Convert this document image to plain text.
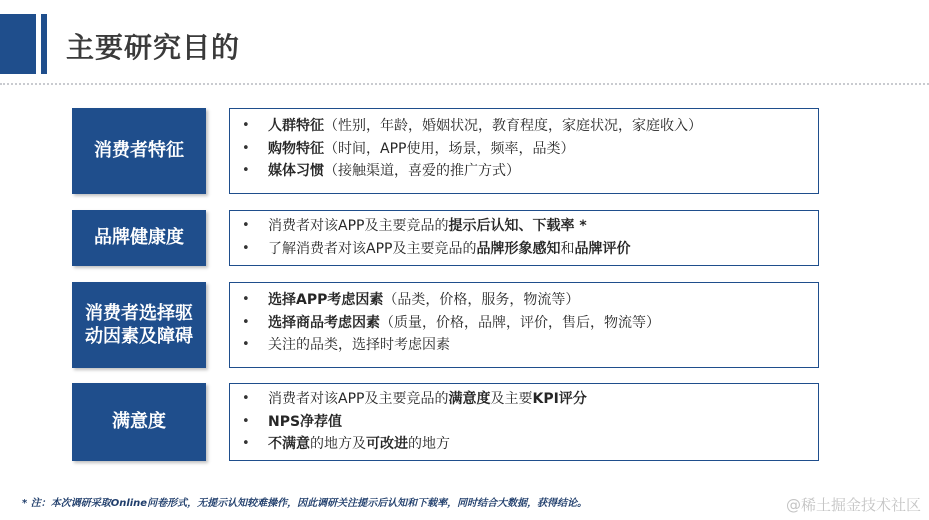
主要研究目的
消费者特征
• 人群特征（性别，年龄，婚姻状况，教育程度，家庭状况，家庭收入）
• 购物特征（时间，APP使用，场景，频率，品类）
• 媒体习惯（接触渠道，喜爱的推广方式）
品牌健康度
• 消费者对该APP及主要竞品的提示后认知、下载率 *
• 了解消费者对该APP及主要竞品的品牌形象感知和品牌评价
消费者选择驱
动因素及障碍
• 选择APP考虑因素（品类，价格，服务，物流等）
• 选择商品考虑因素（质量，价格，品牌，评价，售后，物流等）
• 关注的品类，选择时考虑因素
满意度
• 消费者对该APP及主要竞品的满意度及主要KPI评分
• NPS净荐值
• 不满意的地方及可改进的地方
* 注：本次调研采取Online问卷形式，无提示认知较难操作，因此调研关注提示后认知和下载率，同时结合大数据，获得结论。	@稀土掘金技术社区
